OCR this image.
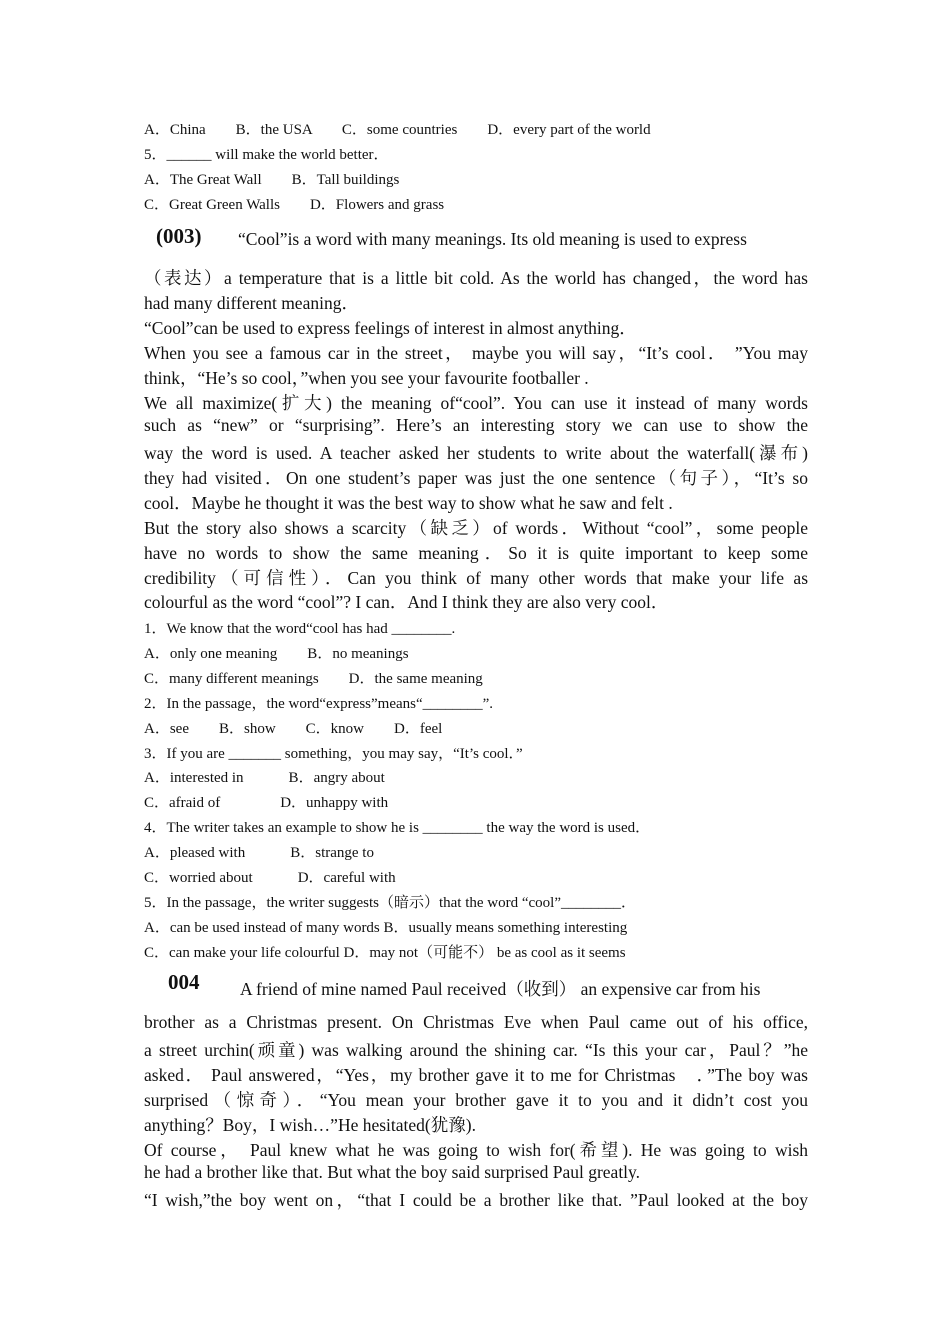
A．China　　B．the USA　　C．some countries　　D．every part of the world
5．______ will make the world better．
A．The Great Wall　　B．Tall buildings
C．Great Green Walls　　D．Flowers and grass
(003) “Cool”is a word with many meanings. Its old meaning is used to express
（表达）a temperature that is a little bit cold. As the world has changed，the word has
had many different meaning．
“Cool”can be used to express feelings of interest in almost anything．
When you see a famous car in the street， maybe you will say，“It’s cool． ”You may
think，“He’s so cool，”when you see your favourite footballer .
We all maximize(扩大) the meaning of“cool”. You can use it instead of many words
such as “new” or “surprising”. Here’s an interesting story we can use to show the
way the word is used. A teacher asked her students to write about the waterfall(瀑布)
they had visited．On one student’s paper was just the one sentence（句子），“It’s so
cool．Maybe he thought it was the best way to show what he saw and felt .
But the story also shows a scarcity（缺乏）of words．Without “cool”，some people
have no words to show the same meaning．So it is quite important to keep some
credibility（可信性）．Can you think of many other words that make your life as
colourful as the word “cool”? I can．And I think they are also very cool．
1．We know that the word“cool has had ________.
A．only one meaning　　B．no meanings
C．many different meanings　　D．the same meaning
2．In the passage，the word“express”means“________”.
A．see　　B．show　　C．know　　D．feel
3．If you are _______ something，you may say，“It’s cool．”
A．interested in　　　B．angry about
C．afraid of　　　　D．unhappy with
4．The writer takes an example to show he is ________ the way the word is used．
A．pleased with　　　B．strange to
C．worried about　　　D．careful with
5．In the passage，the writer suggests（暗示）that the word “cool”________．
A．can be used instead of many words B．usually means something interesting
C．can make your life colourful D．may not（可能不） be as cool as it seems
004 A friend of mine named Paul received（收到） an expensive car from his
brother as a Christmas present. On Christmas Eve when Paul came out of his office,
a street urchin(顽童) was walking around the shining car. “Is this your car，Paul？”he
asked． Paul answered，“Yes，my brother gave it to me for Christmas　．”The boy was
surprised（惊奇）．“You mean your brother gave it to you and it didn’t cost you
anything？Boy，I wish…”He hesitated(犹豫).
Of course， Paul knew what he was going to wish for(希望). He was going to wish
he had a brother like that. But what the boy said surprised Paul greatly.
“I wish,”the boy went on，“that I could be a brother like that. ”Paul looked at the boy
